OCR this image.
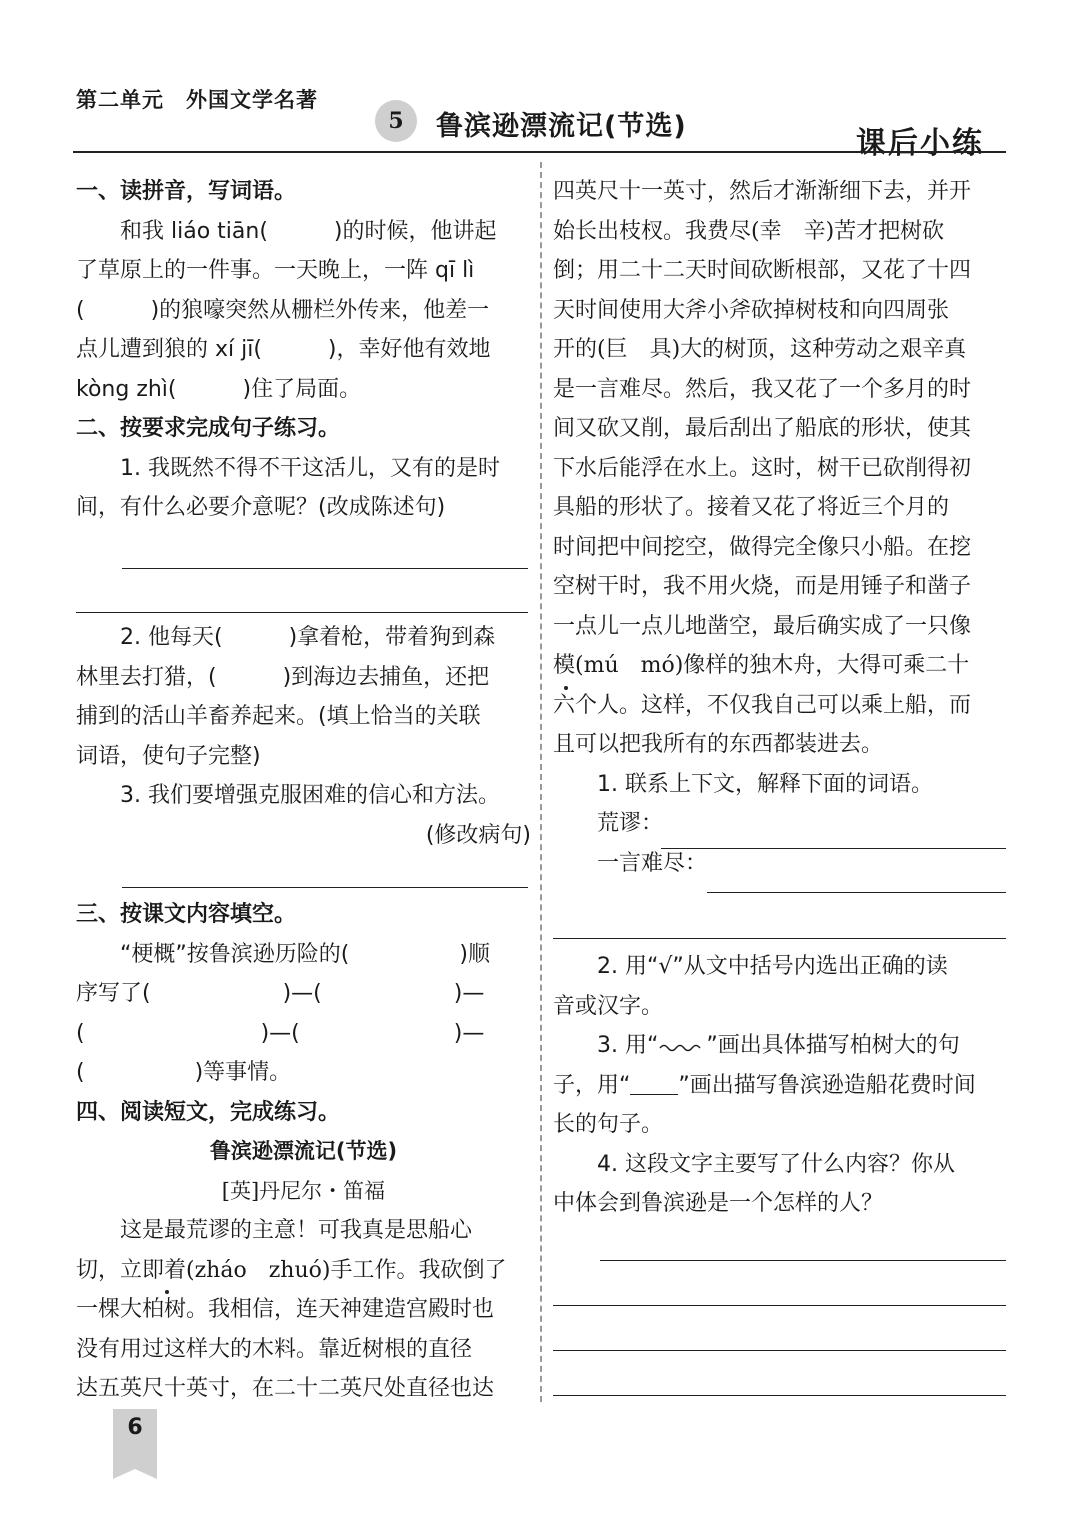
第二单元　外国文学名著
5	鲁滨逊漂流记(节选)	课后小练
一、读拼音，写词语。
　　和我 liáo tiān(　　　)的时候，他讲起
了草原上的一件事。一天晚上，一阵 qī lì
(　　　)的狼嚎突然从栅栏外传来，他差一
点儿遭到狼的 xí jī(　　　)，幸好他有效地
kòng zhì(　　　)住了局面。
二、按要求完成句子练习。
　　1. 我既然不得不干这活儿，又有的是时
间，有什么必要介意呢？(改成陈述句)
　　2. 他每天(　　　)拿着枪，带着狗到森
林里去打猎，(　　　)到海边去捕鱼，还把
捕到的活山羊畜养起来。(填上恰当的关联
词语，使句子完整)
　　3. 我们要增强克服困难的信心和方法。
(修改病句)
三、按课文内容填空。
　　“梗概”按鲁滨逊历险的(　　　　　)顺
序写了(　　　　　　)—(　　　　　　)—
(　　　　　　　　)—(　　　　　　　)—
(　　　　　)等事情。
四、阅读短文，完成练习。
鲁滨逊漂流记(节选)
[英]丹尼尔・笛福
　　这是最荒谬的主意！可我真是思船心
切，立即着(zháo　zhuó)手工作。我砍倒了
一棵大柏树。我相信，连天神建造宫殿时也
没有用过这样大的木料。靠近树根的直径
达五英尺十英寸，在二十二英尺处直径也达
四英尺十一英寸，然后才渐渐细下去，并开
始长出枝杈。我费尽(幸　辛)苦才把树砍
倒；用二十二天时间砍断根部，又花了十四
天时间使用大斧小斧砍掉树枝和向四周张
开的(巨　具)大的树顶，这种劳动之艰辛真
是一言难尽。然后，我又花了一个多月的时
间又砍又削，最后刮出了船底的形状，使其
下水后能浮在水上。这时，树干已砍削得初
具船的形状了。接着又花了将近三个月的
时间把中间挖空，做得完全像只小船。在挖
空树干时，我不用火烧，而是用锤子和凿子
一点儿一点儿地凿空，最后确实成了一只像
模(mú　mó)像样的独木舟，大得可乘二十
六个人。这样，不仅我自己可以乘上船，而
且可以把我所有的东西都装进去。
　　1. 联系上下文，解释下面的词语。
　　荒谬：
　　一言难尽：
　　2. 用“√”从文中括号内选出正确的读
音或汉字。
　　3. 用“ ”画出具体描写柏树大的句
子，用“ ”画出描写鲁滨逊造船花费时间
长的句子。
　　4. 这段文字主要写了什么内容？你从
中体会到鲁滨逊是一个怎样的人？
6
